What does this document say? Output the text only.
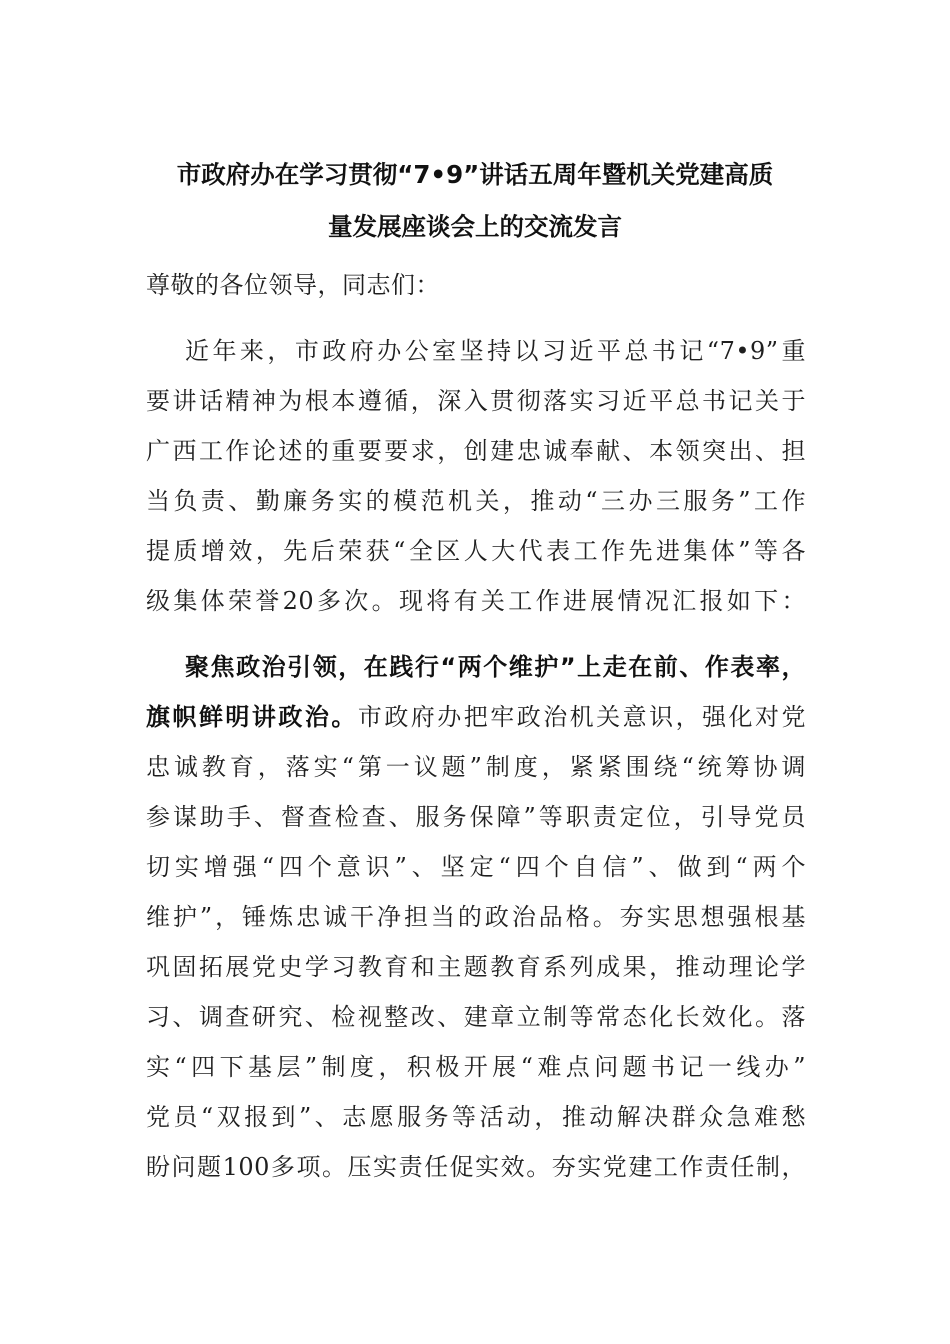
市政府办在学习贯彻“7•9”讲话五周年暨机关党建高质
量发展座谈会上的交流发言
尊敬的各位领导，同志们：
近年来，市政府办公室坚持以习近平总书记“7•9”重
要讲话精神为根本遵循，深入贯彻落实习近平总书记关于
广西工作论述的重要要求，创建忠诚奉献、本领突出、担
当负责、勤廉务实的模范机关，推动“三办三服务”工作
提质增效，先后荣获“全区人大代表工作先进集体”等各
级集体荣誉20多次。现将有关工作进展情况汇报如下：
聚焦政治引领，在践行“两个维护”上走在前、作表率，
旗帜鲜明讲政治。市政府办把牢政治机关意识，强化对党
忠诚教育，落实“第一议题”制度，紧紧围绕“统筹协调
参谋助手、督查检查、服务保障”等职责定位，引导党员
切实增强“四个意识”、坚定“四个自信”、做到“两个
维护”，锤炼忠诚干净担当的政治品格。夯实思想强根基
巩固拓展党史学习教育和主题教育系列成果，推动理论学
习、调查研究、检视整改、建章立制等常态化长效化。落
实“四下基层”制度，积极开展“难点问题书记一线办”
党员“双报到”、志愿服务等活动，推动解决群众急难愁
盼问题100多项。压实责任促实效。夯实党建工作责任制，
